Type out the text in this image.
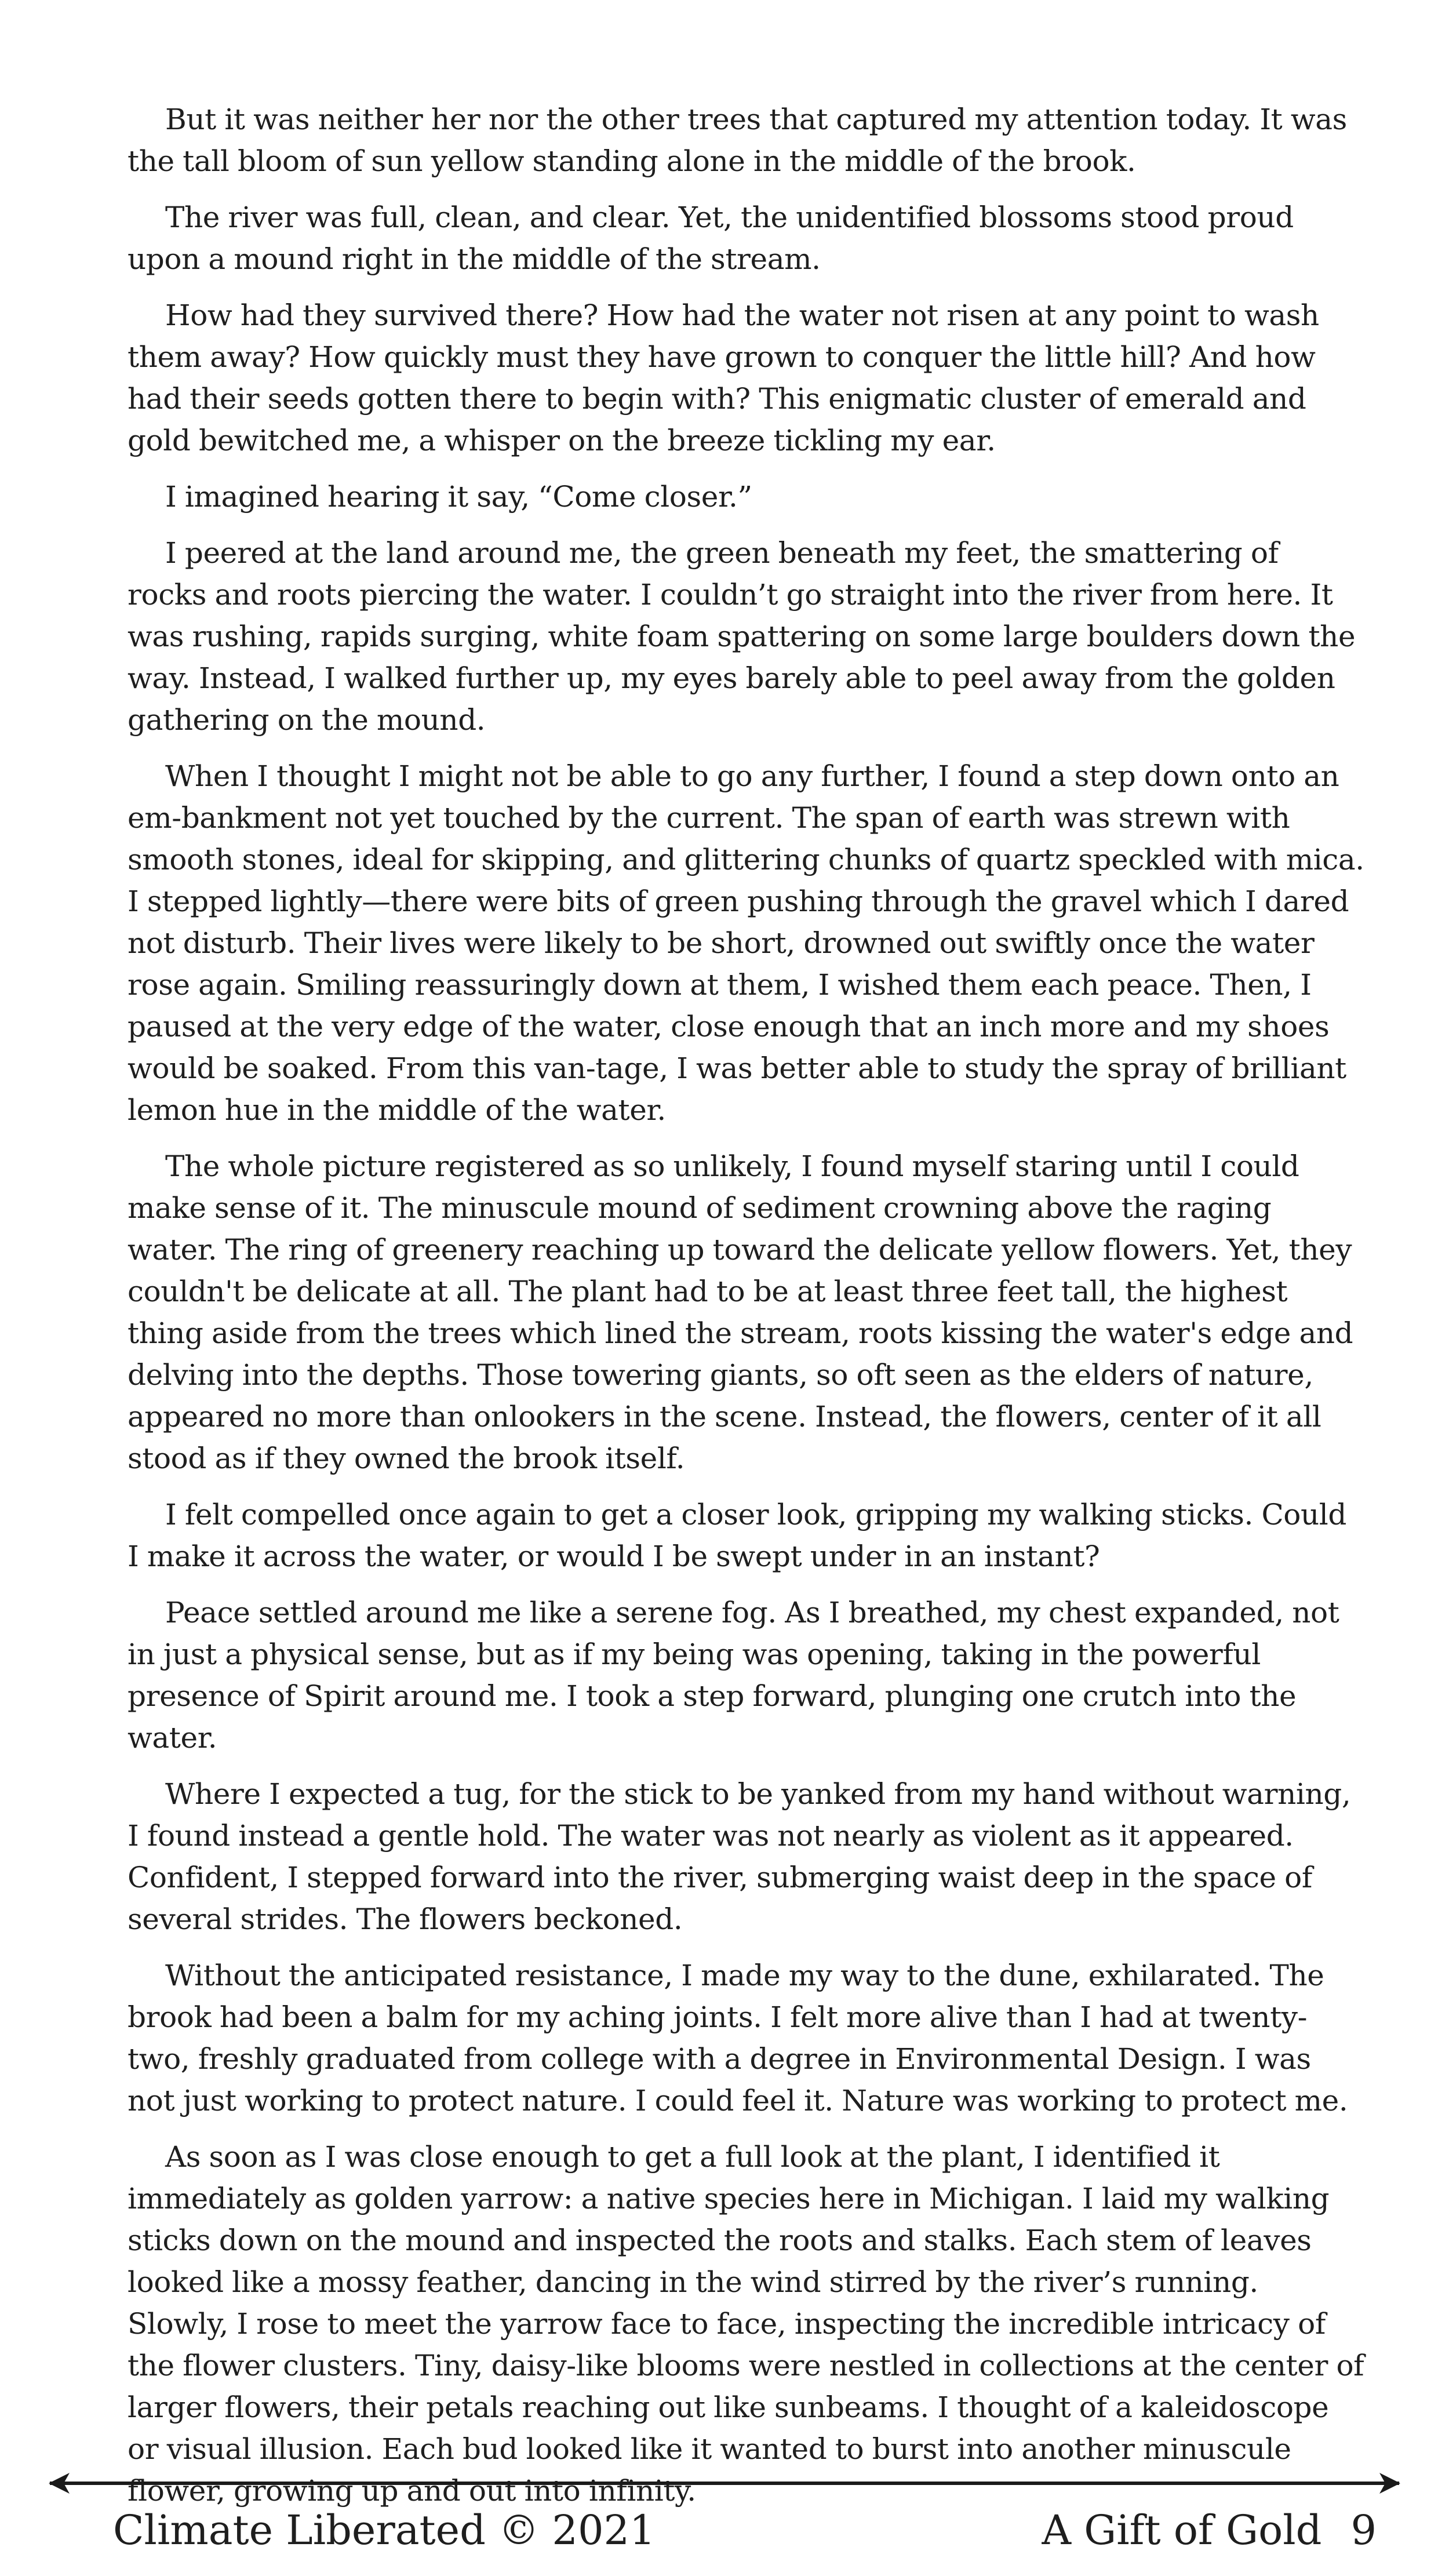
But it was neither her nor the other trees that captured my attention today. It was the tall bloom of sun yellow standing alone in the middle of the brook.

The river was full, clean, and clear. Yet, the unidentified blossoms stood proud upon a mound right in the middle of the stream.

How had they survived there? How had the water not risen at any point to wash them away? How quickly must they have grown to conquer the little hill? And how had their seeds gotten there to begin with? This enigmatic cluster of emerald and gold bewitched me, a whisper on the breeze tickling my ear.

I imagined hearing it say, “Come closer.”

I peered at the land around me, the green beneath my feet, the smattering of rocks and roots piercing the water. I couldn’t go straight into the river from here. It was rushing, rapids surging, white foam spattering on some large boulders down the way. Instead, I walked further up, my eyes barely able to peel away from the golden gathering on the mound.

When I thought I might not be able to go any further, I found a step down onto an em-bankment not yet touched by the current. The span of earth was strewn with smooth stones, ideal for skipping, and glittering chunks of quartz speckled with mica. I stepped lightly—there were bits of green pushing through the gravel which I dared not disturb. Their lives were likely to be short, drowned out swiftly once the water rose again. Smiling reassuringly down at them, I wished them each peace. Then, I paused at the very edge of the water, close enough that an inch more and my shoes would be soaked. From this van-tage, I was better able to study the spray of brilliant lemon hue in the middle of the water.

The whole picture registered as so unlikely, I found myself staring until I could make sense of it. The minuscule mound of sediment crowning above the raging water. The ring of greenery reaching up toward the delicate yellow flowers. Yet, they couldn't be delicate at all. The plant had to be at least three feet tall, the highest thing aside from the trees which lined the stream, roots kissing the water's edge and delving into the depths. Those towering giants, so oft seen as the elders of nature, appeared no more than onlookers in the scene. Instead, the flowers, center of it all stood as if they owned the brook itself.

I felt compelled once again to get a closer look, gripping my walking sticks. Could I make it across the water, or would I be swept under in an instant?

Peace settled around me like a serene fog. As I breathed, my chest expanded, not in just a physical sense, but as if my being was opening, taking in the powerful presence of Spirit around me. I took a step forward, plunging one crutch into the water.

Where I expected a tug, for the stick to be yanked from my hand without warning, I found instead a gentle hold. The water was not nearly as violent as it appeared. Confident, I stepped forward into the river, submerging waist deep in the space of several strides. The flowers beckoned.

Without the anticipated resistance, I made my way to the dune, exhilarated. The brook had been a balm for my aching joints. I felt more alive than I had at twenty-two, freshly graduated from college with a degree in Environmental Design. I was not just working to protect nature. I could feel it. Nature was working to protect me.

As soon as I was close enough to get a full look at the plant, I identified it immediately as golden yarrow: a native species here in Michigan. I laid my walking sticks down on the mound and inspected the roots and stalks. Each stem of leaves looked like a mossy feather, dancing in the wind stirred by the river’s running. Slowly, I rose to meet the yarrow face to face, inspecting the incredible intricacy of the flower clusters. Tiny, daisy-like blooms were nestled in collections at the center of larger flowers, their petals reaching out like sunbeams. I thought of a kaleidoscope or visual illusion. Each bud looked like it wanted to burst into another minuscule flower, growing up and out into infinity.

Climate Liberated © 2021	A Gift of Gold 9
